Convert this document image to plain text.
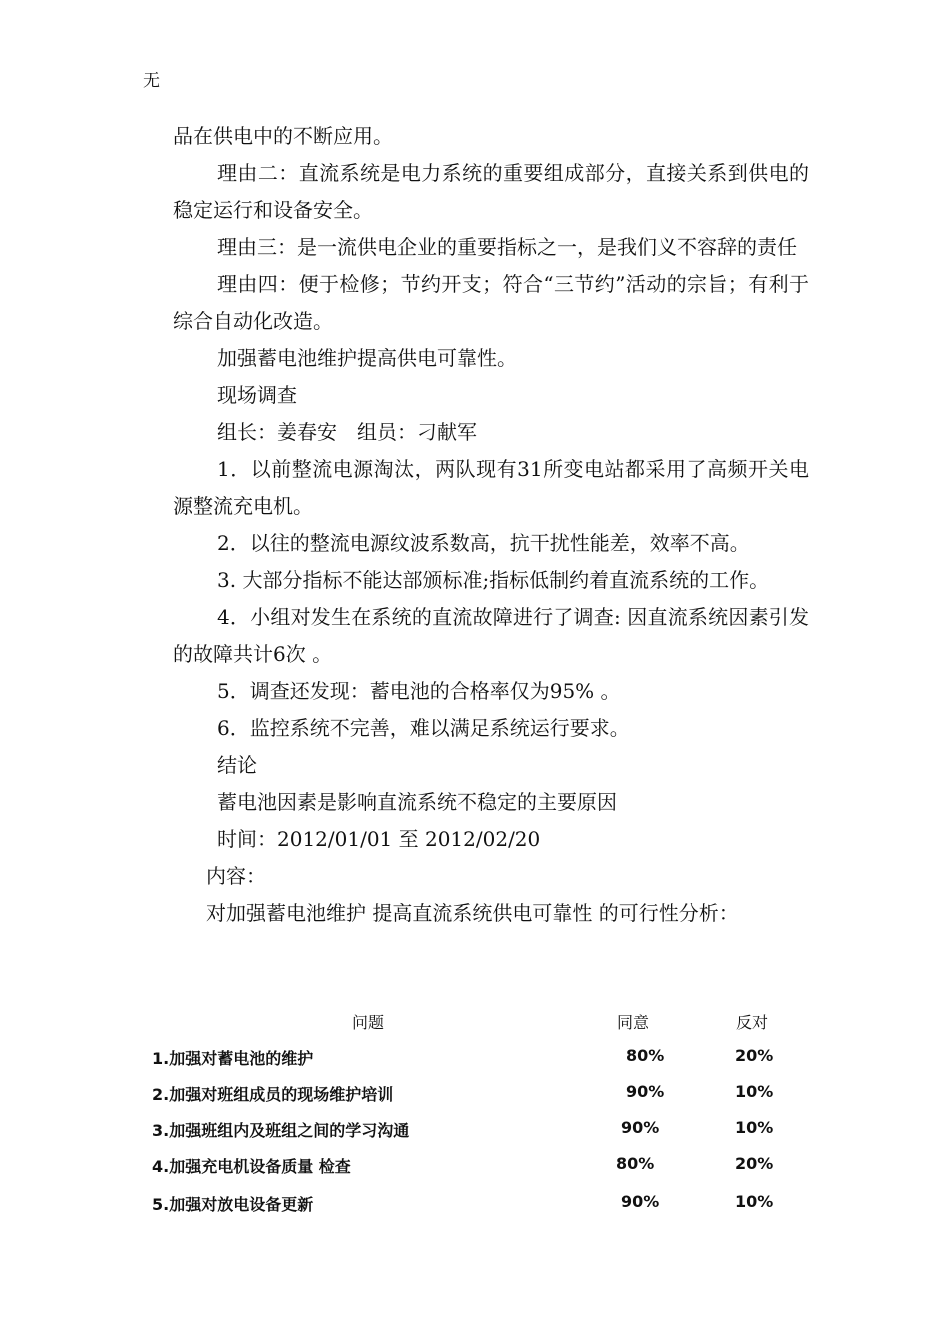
无

品在供电中的不断应用。

理由二：直流系统是电力系统的重要组成部分，直接关系到供电的稳定运行和设备安全。

理由三：是一流供电企业的重要指标之一，是我们义不容辞的责任

理由四：便于检修；节约开支；符合“三节约”活动的宗旨；有利于综合自动化改造。

加强蓄电池维护提高供电可靠性。

现场调查

组长：姜春安　组员：刁献军

1．以前整流电源淘汰，两队现有31所变电站都采用了高频开关电源整流充电机。

2．以往的整流电源纹波系数高，抗干扰性能差，效率不高。

3. 大部分指标不能达部颁标准;指标低制约着直流系统的工作。

4．小组对发生在系统的直流故障进行了调查: 因直流系统因素引发的故障共计6次 。

5．调查还发现：蓄电池的合格率仅为95% 。

6．监控系统不完善，难以满足系统运行要求。

结论

蓄电池因素是影响直流系统不稳定的主要原因

时间：2012/01/01 至 2012/02/20

内容：

对加强蓄电池维护 提高直流系统供电可靠性 的可行性分析：

问题	同意	反对
1.加强对蓄电池的维护	80%	20%
2.加强对班组成员的现场维护培训	90%	10%
3.加强班组内及班组之间的学习沟通	90%	10%
4.加强充电机设备质量 检查	80%	20%
5.加强对放电设备更新	90%	10%
